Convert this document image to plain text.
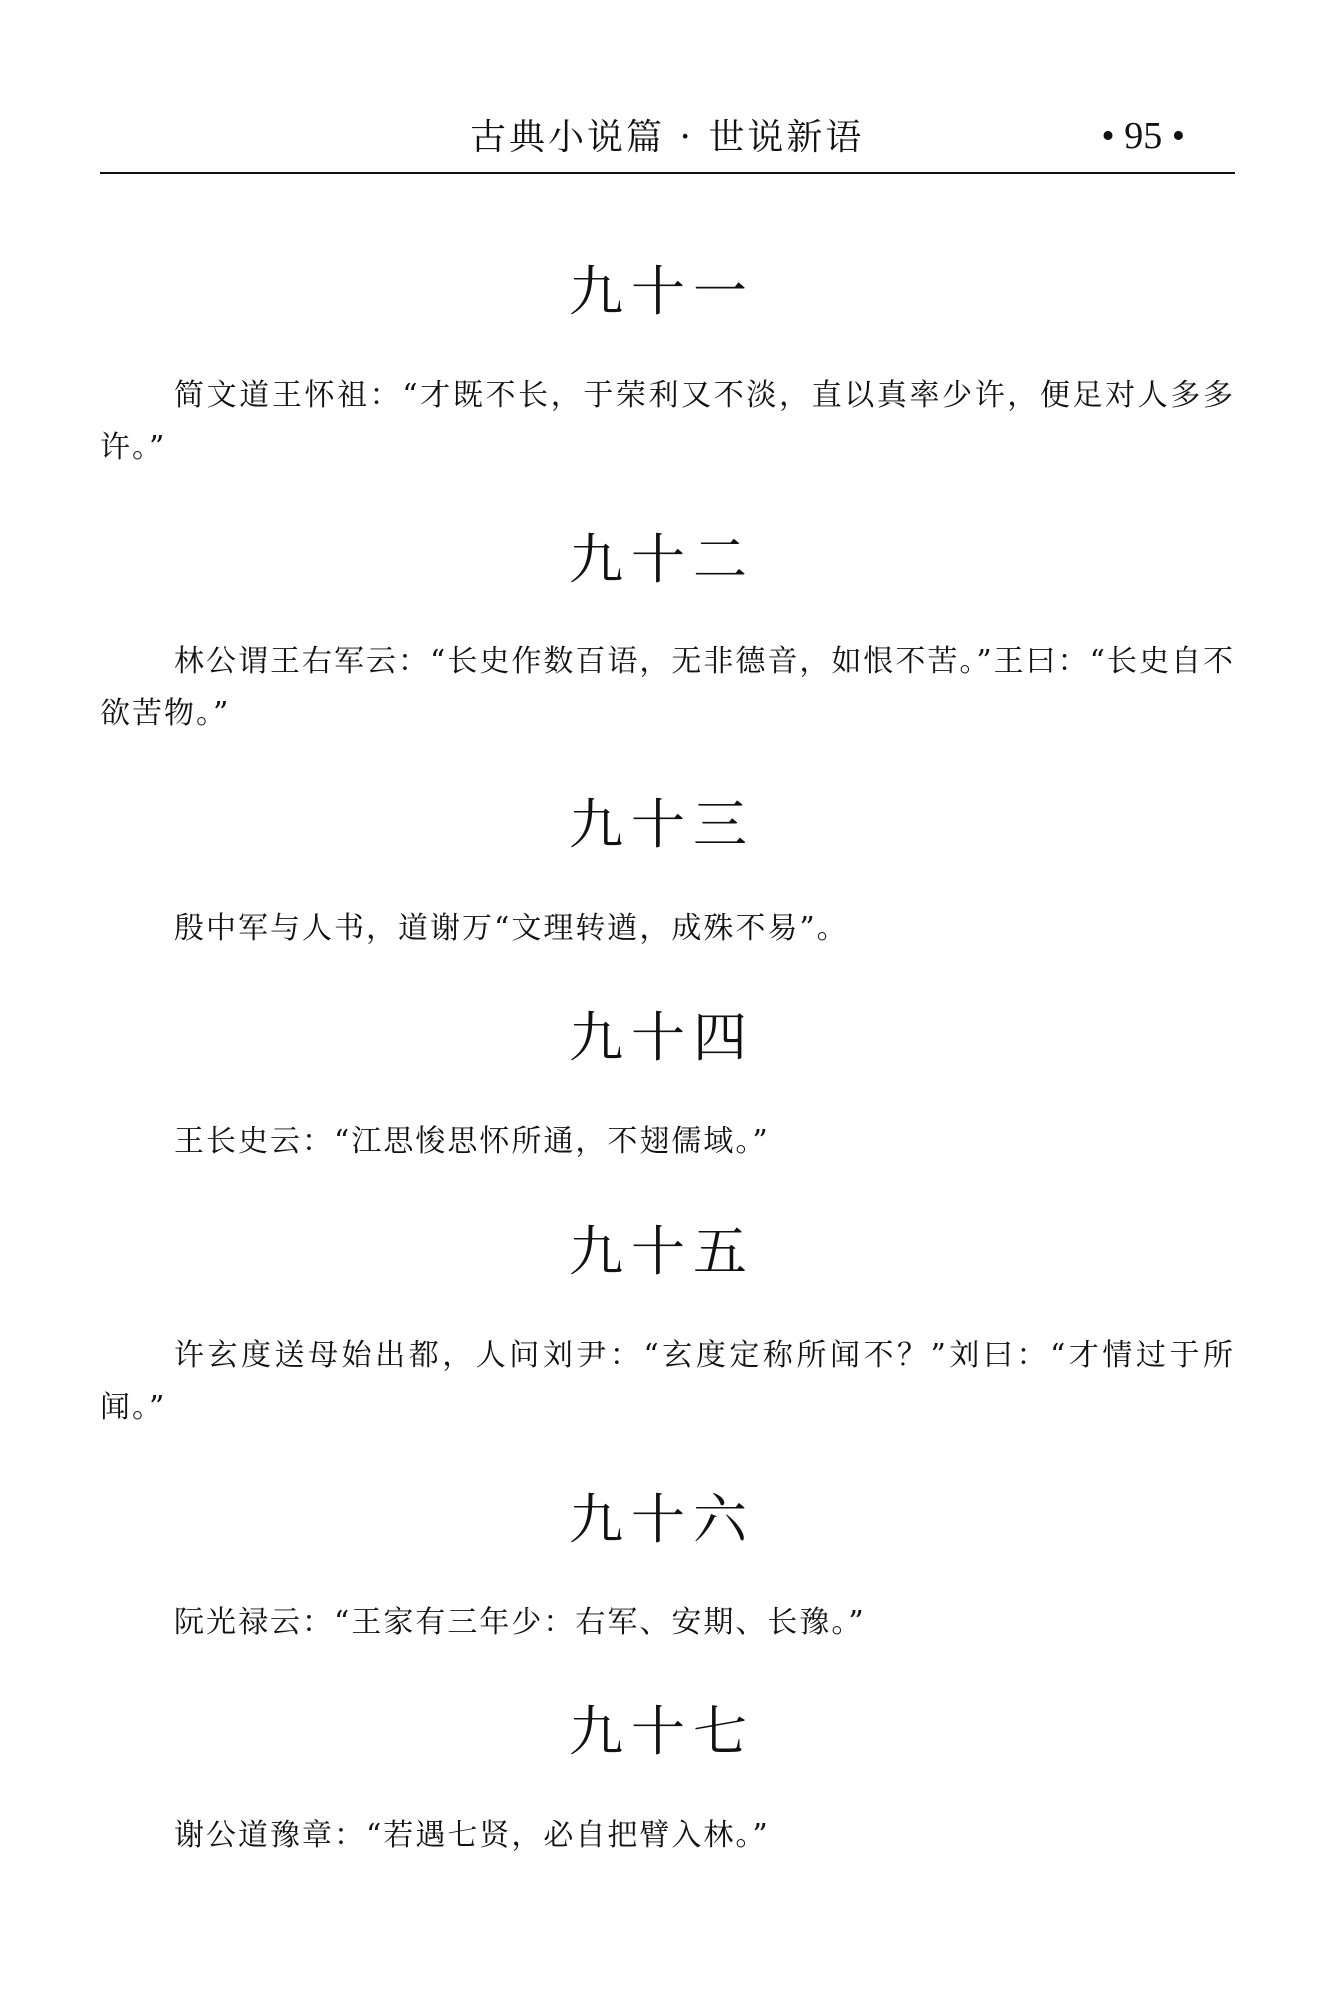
古典小说篇 · 世说新语	• 95 •
九十一

简文道王怀祖：“才既不长，于荣利又不淡，直以真率少许，便足对人多多许。”

九十二

林公谓王右军云：“长史作数百语，无非德音，如恨不苦。”王曰：“长史自不欲苦物。”

九十三

殷中军与人书，道谢万“文理转遒，成殊不易”。

九十四

王长史云：“江思悛思怀所通，不翅儒域。”

九十五

许玄度送母始出都，人问刘尹：“玄度定称所闻不？”刘曰：“才情过于所闻。”

九十六

阮光禄云：“王家有三年少：右军、安期、长豫。”

九十七

谢公道豫章：“若遇七贤，必自把臂入林。”
